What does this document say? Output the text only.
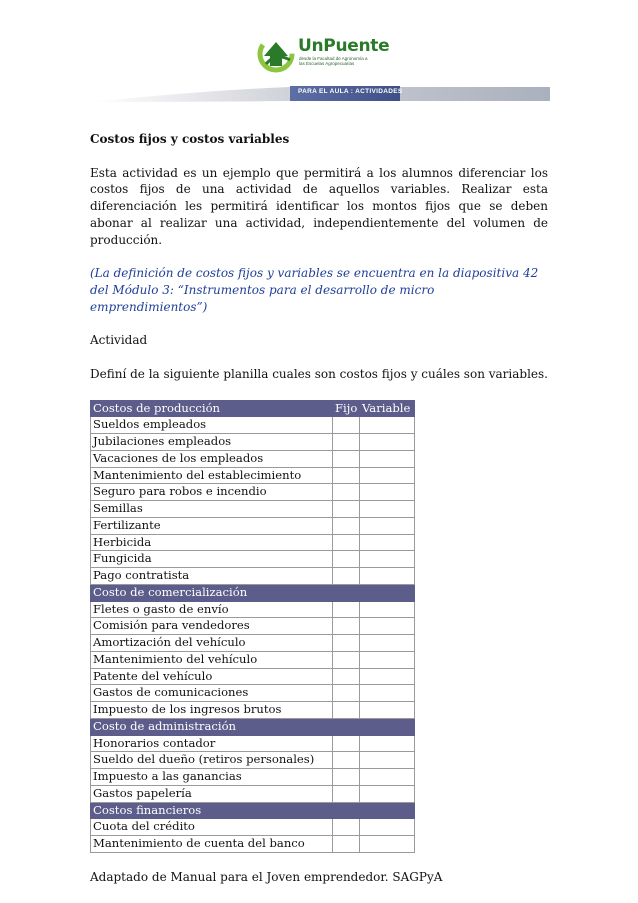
UnPuente
desde la Facultad de Agronomía a las Escuelas Agropecuarias
PARA EL AULA : ACTIVIDADES

Costos fijos y costos variables

Esta actividad es un ejemplo que permitirá a los alumnos diferenciar los costos fijos de una actividad de aquellos variables. Realizar esta diferenciación les permitirá identificar los montos fijos que se deben abonar al realizar una actividad, independientemente del volumen de producción.

(La definición de costos fijos y variables se encuentra en la diapositiva 42 del Módulo 3: “Instrumentos para el desarrollo de micro emprendimientos”)

Actividad

Definí de la siguiente planilla cuales son costos fijos y cuáles son variables.

Costos de producción	Fijo	Variable
Sueldos empleados		
Jubilaciones empleados		
Vacaciones de los empleados		
Mantenimiento del establecimiento		
Seguro para robos e incendio		
Semillas		
Fertilizante		
Herbicida		
Fungicida		
Pago contratista		
Costo de comercialización		
Fletes o gasto de envío		
Comisión para vendedores		
Amortización del vehículo		
Mantenimiento del vehículo		
Patente del vehículo		
Gastos de comunicaciones		
Impuesto de los ingresos brutos		
Costo de administración		
Honorarios contador		
Sueldo del dueño (retiros personales)		
Impuesto a las ganancias		
Gastos papelería		
Costos financieros		
Cuota del crédito		
Mantenimiento de cuenta del banco		

Adaptado de Manual para el Joven emprendedor. SAGPyA
